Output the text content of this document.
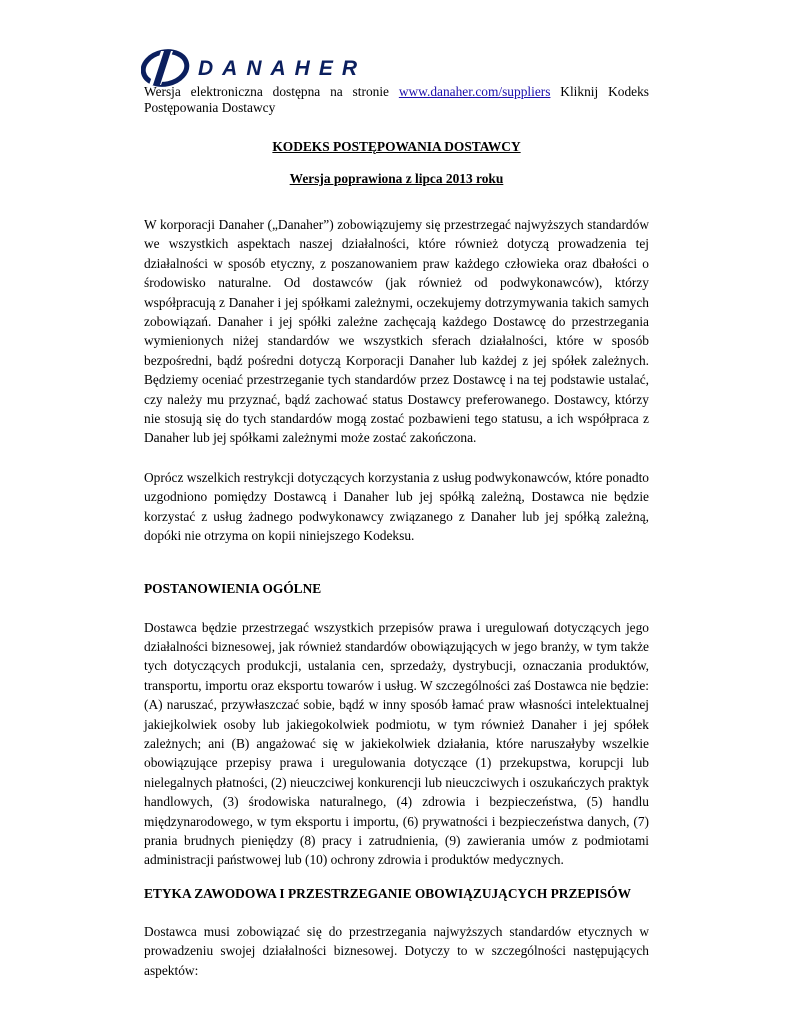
DANAHER

Wersja elektroniczna dostępna na stronie www.danaher.com/suppliers Kliknij Kodeks Postępowania Dostawcy

KODEKS POSTĘPOWANIA DOSTAWCY

Wersja poprawiona z lipca 2013 roku

W korporacji Danaher („Danaher”) zobowiązujemy się przestrzegać najwyższych standardów we wszystkich aspektach naszej działalności, które również dotyczą prowadzenia tej działalności w sposób etyczny, z poszanowaniem praw każdego człowieka oraz dbałości o środowisko naturalne. Od dostawców (jak również od podwykonawców), którzy współpracują z Danaher i jej spółkami zależnymi, oczekujemy dotrzymywania takich samych zobowiązań. Danaher i jej spółki zależne zachęcają każdego Dostawcę do przestrzegania wymienionych niżej standardów we wszystkich sferach działalności, które w sposób bezpośredni, bądź pośredni dotyczą Korporacji Danaher lub każdej z jej spółek zależnych. Będziemy oceniać przestrzeganie tych standardów przez Dostawcę i na tej podstawie ustalać, czy należy mu przyznać, bądź zachować status Dostawcy preferowanego. Dostawcy, którzy nie stosują się do tych standardów mogą zostać pozbawieni tego statusu, a ich współpraca z Danaher lub jej spółkami zależnymi może zostać zakończona.

Oprócz wszelkich restrykcji dotyczących korzystania z usług podwykonawców, które ponadto uzgodniono pomiędzy Dostawcą i Danaher lub jej spółką zależną, Dostawca nie będzie korzystać z usług żadnego podwykonawcy związanego z Danaher lub jej spółką zależną, dopóki nie otrzyma on kopii niniejszego Kodeksu.

POSTANOWIENIA OGÓLNE

Dostawca będzie przestrzegać wszystkich przepisów prawa i uregulowań dotyczących jego działalności biznesowej, jak również standardów obowiązujących w jego branży, w tym także tych dotyczących produkcji, ustalania cen, sprzedaży, dystrybucji, oznaczania produktów, transportu, importu oraz eksportu towarów i usług. W szczególności zaś Dostawca nie będzie: (A) naruszać, przywłaszczać sobie, bądź w inny sposób łamać praw własności intelektualnej jakiejkolwiek osoby lub jakiegokolwiek podmiotu, w tym również Danaher i jej spółek zależnych; ani (B) angażować się w jakiekolwiek działania, które naruszałyby wszelkie obowiązujące przepisy prawa i uregulowania dotyczące (1) przekupstwa, korupcji lub nielegalnych płatności, (2) nieuczciwej konkurencji lub nieuczciwych i oszukańczych praktyk handlowych, (3) środowiska naturalnego, (4) zdrowia i bezpieczeństwa, (5) handlu międzynarodowego, w tym eksportu i importu, (6) prywatności i bezpieczeństwa danych, (7) prania brudnych pieniędzy (8) pracy i zatrudnienia, (9) zawierania umów z podmiotami administracji państwowej lub (10) ochrony zdrowia i produktów medycznych.

ETYKA ZAWODOWA I PRZESTRZEGANIE OBOWIĄZUJĄCYCH PRZEPISÓW

Dostawca musi zobowiązać się do przestrzegania najwyższych standardów etycznych w prowadzeniu swojej działalności biznesowej. Dotyczy to w szczególności następujących aspektów:
